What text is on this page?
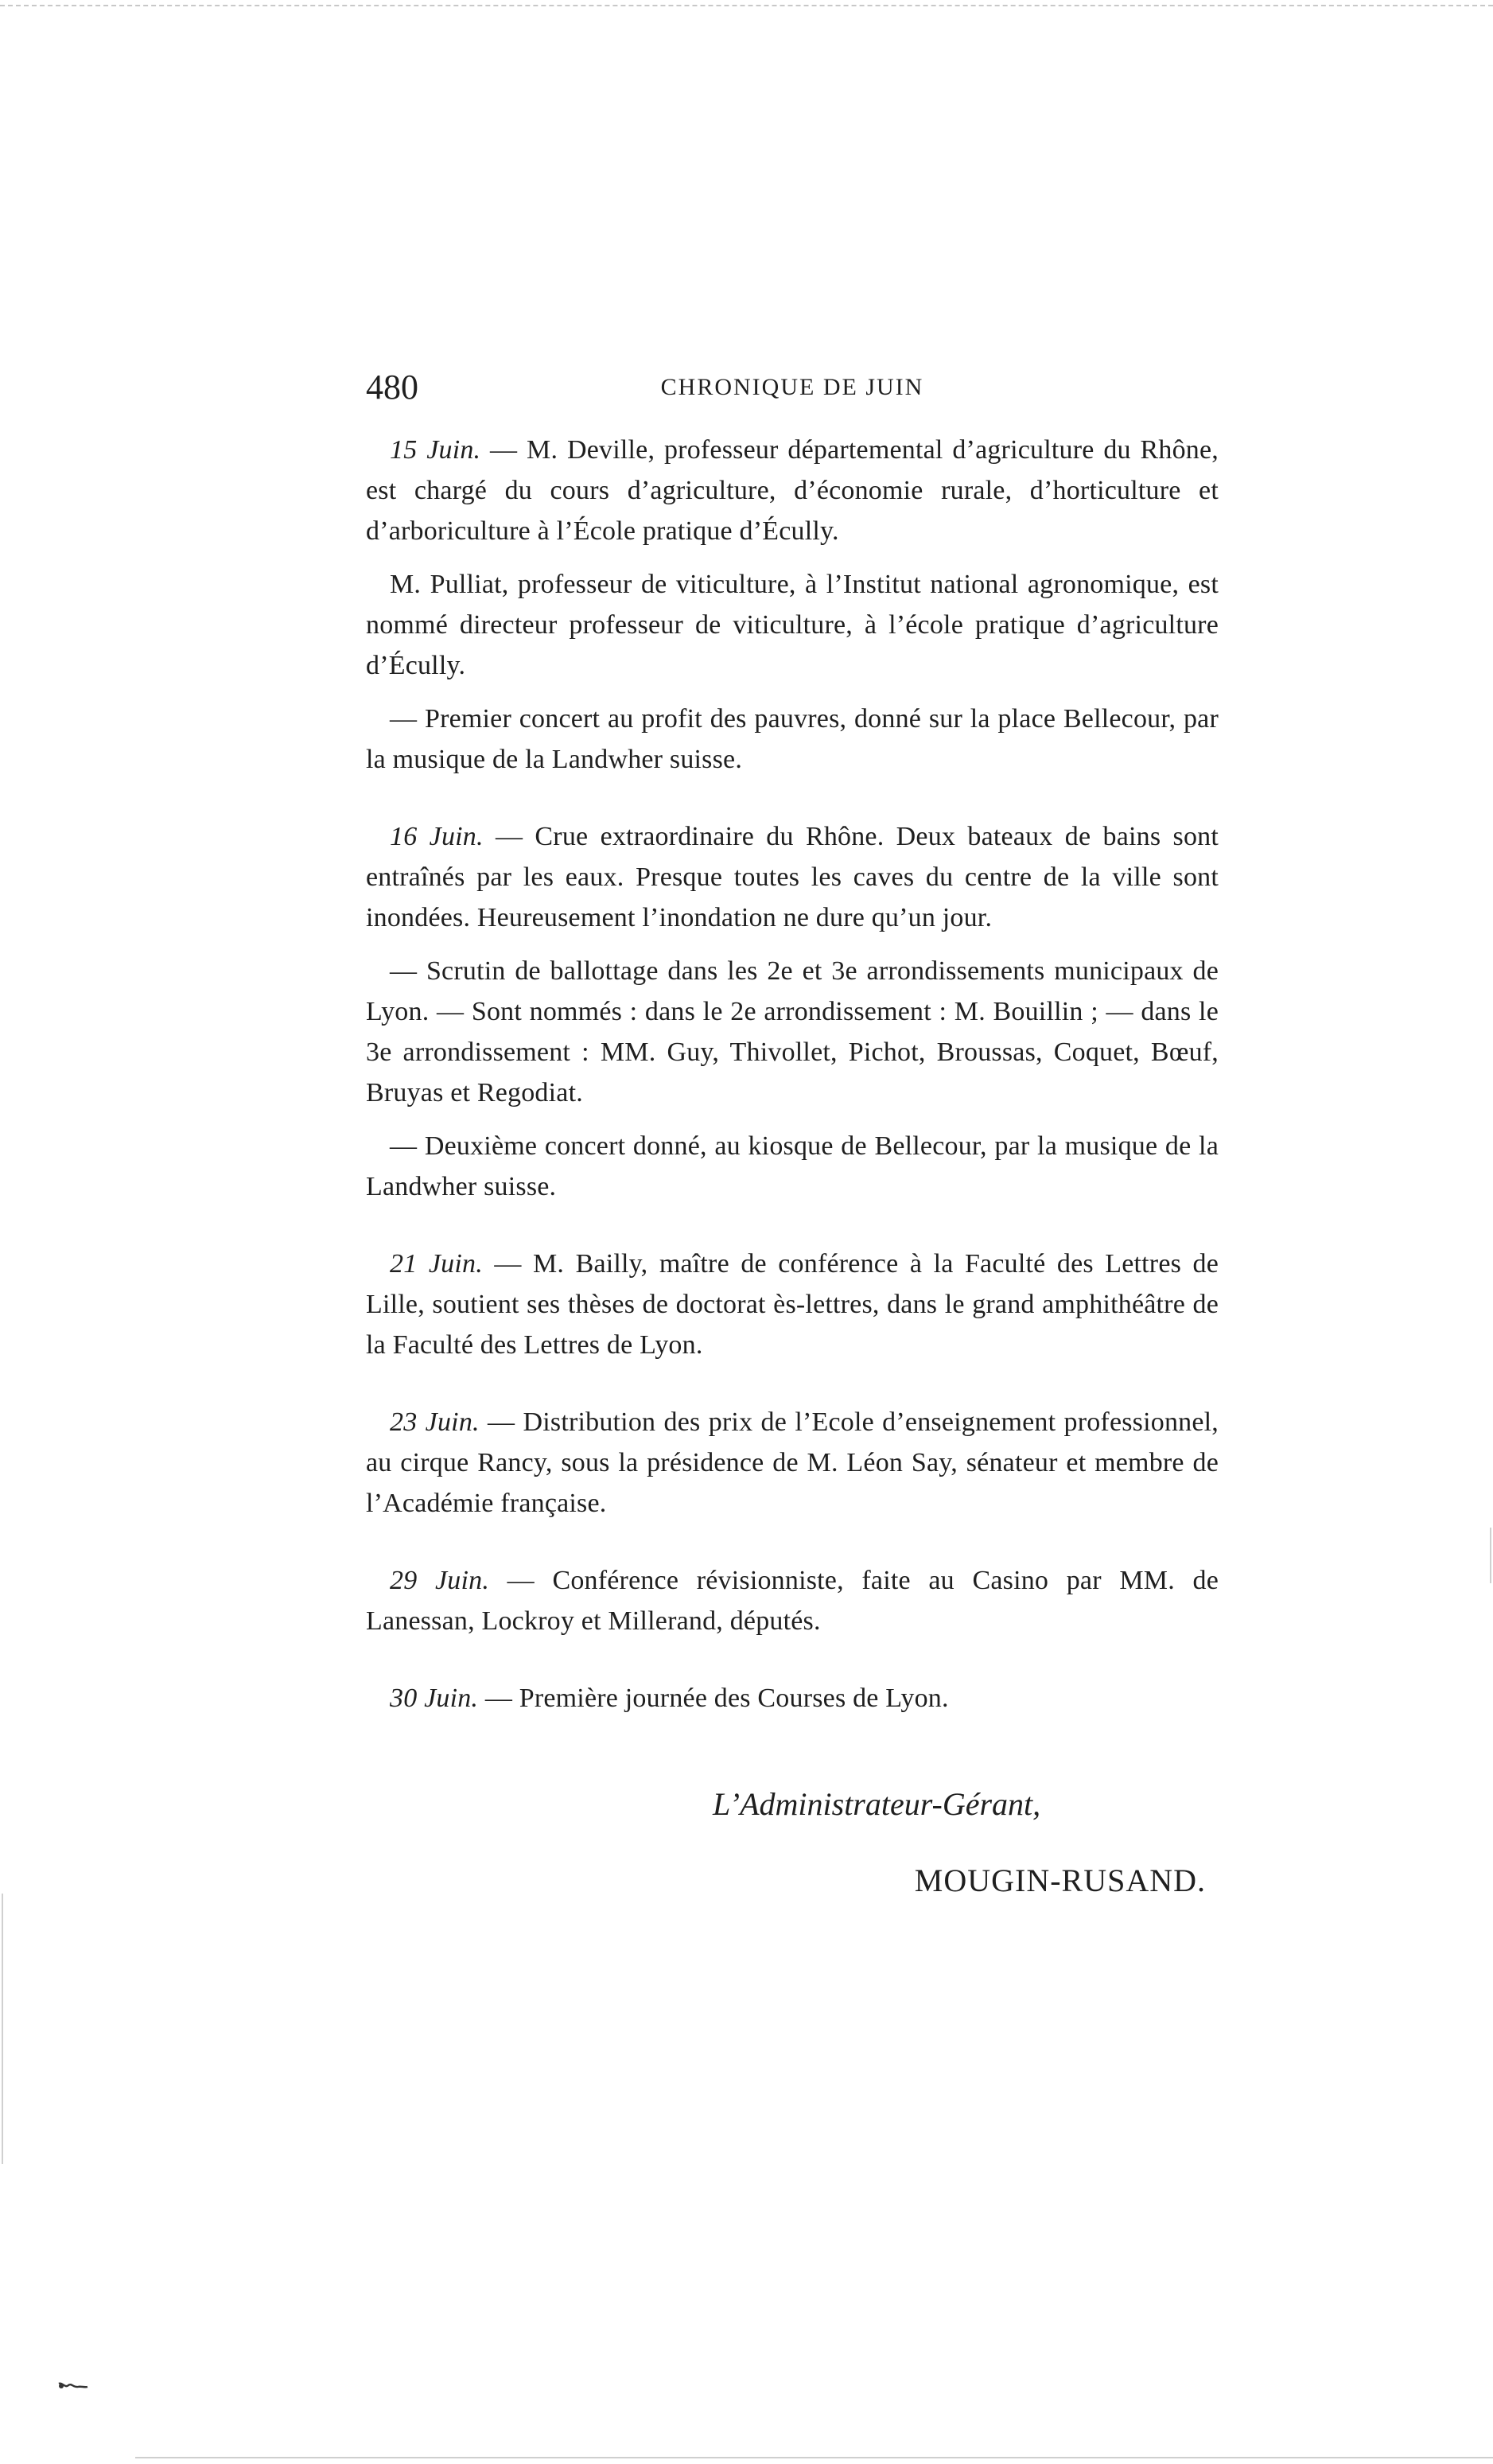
480	CHRONIQUE DE JUIN

15 Juin. — M. Deville, professeur départemental d’agriculture du Rhône, est chargé du cours d’agriculture, d’économie rurale, d’horticulture et d’arboriculture à l’École pratique d’Écully.

M. Pulliat, professeur de viticulture, à l’Institut national agronomique, est nommé directeur professeur de viticulture, à l’école pratique d’agriculture d’Écully.

— Premier concert au profit des pauvres, donné sur la place Bellecour, par la musique de la Landwher suisse.

16 Juin. — Crue extraordinaire du Rhône. Deux bateaux de bains sont entraînés par les eaux. Presque toutes les caves du centre de la ville sont inondées. Heureusement l’inondation ne dure qu’un jour.

— Scrutin de ballottage dans les 2e et 3e arrondissements municipaux de Lyon. — Sont nommés : dans le 2e arrondissement : M. Bouillin ; — dans le 3e arrondissement : MM. Guy, Thivollet, Pichot, Broussas, Coquet, Bœuf, Bruyas et Regodiat.

— Deuxième concert donné, au kiosque de Bellecour, par la musique de la Landwher suisse.

21 Juin. — M. Bailly, maître de conférence à la Faculté des Lettres de Lille, soutient ses thèses de doctorat ès-lettres, dans le grand amphithéâtre de la Faculté des Lettres de Lyon.

23 Juin. — Distribution des prix de l’Ecole d’enseignement professionnel, au cirque Rancy, sous la présidence de M. Léon Say, sénateur et membre de l’Académie française.

29 Juin. — Conférence révisionniste, faite au Casino par MM. de Lanessan, Lockroy et Millerand, députés.

30 Juin. — Première journée des Courses de Lyon.

L’Administrateur-Gérant,
MOUGIN-RUSAND.
